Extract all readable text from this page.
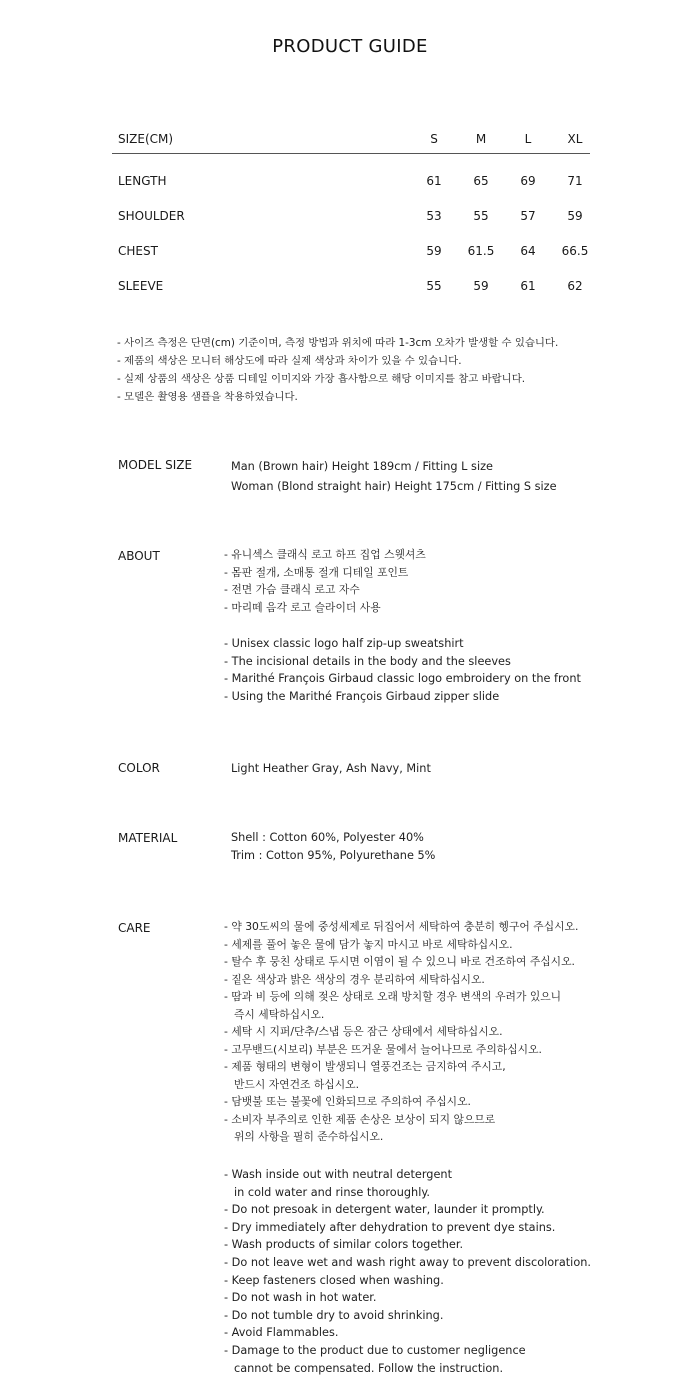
PRODUCT GUIDE
SIZE(CM)	S	M	L	XL
LENGTH	61	65	69	71
SHOULDER	53	55	57	59
CHEST	59	61.5	64	66.5
SLEEVE	55	59	61	62
- 사이즈 측정은 단면(cm) 기준이며, 측정 방법과 위치에 따라 1-3cm 오차가 발생할 수 있습니다.
- 제품의 색상은 모니터 해상도에 따라 실제 색상과 차이가 있을 수 있습니다.
- 실제 상품의 색상은 상품 디테일 이미지와 가장 흡사함으로 해당 이미지를 참고 바랍니다.
- 모델은 촬영용 샘플을 착용하였습니다.
MODEL SIZE	Man (Brown hair) Height 189cm / Fitting L size
Woman (Blond straight hair) Height 175cm / Fitting S size
ABOUT	- 유니섹스 클래식 로고 하프 집업 스웻셔츠
- 몸판 절개, 소매통 절개 디테일 포인트
- 전면 가슴 클래식 로고 자수
- 마리떼 음각 로고 슬라이더 사용
- Unisex classic logo half zip-up sweatshirt
- The incisional details in the body and the sleeves
- Marithé François Girbaud classic logo embroidery on the front
- Using the Marithé François Girbaud zipper slide
COLOR	Light Heather Gray, Ash Navy, Mint
MATERIAL	Shell : Cotton 60%, Polyester 40%
Trim : Cotton 95%, Polyurethane 5%
CARE	- 약 30도씨의 물에 중성세제로 뒤집어서 세탁하여 충분히 헹구어 주십시오.
- 세제를 풀어 놓은 물에 담가 놓지 마시고 바로 세탁하십시오.
- 탈수 후 뭉친 상태로 두시면 이염이 될 수 있으니 바로 건조하여 주십시오.
- 짙은 색상과 밝은 색상의 경우 분리하여 세탁하십시오.
- 땀과 비 등에 의해 젖은 상태로 오래 방치할 경우 변색의 우려가 있으니
즉시 세탁하십시오.
- 세탁 시 지퍼/단추/스냅 등은 잠근 상태에서 세탁하십시오.
- 고무밴드(시보리) 부분은 뜨거운 물에서 늘어나므로 주의하십시오.
- 제품 형태의 변형이 발생되니 열풍건조는 금지하여 주시고,
반드시 자연건조 하십시오.
- 담뱃불 또는 불꽃에 인화되므로 주의하여 주십시오.
- 소비자 부주의로 인한 제품 손상은 보상이 되지 않으므로
위의 사항을 필히 준수하십시오.
- Wash inside out with neutral detergent
in cold water and rinse thoroughly.
- Do not presoak in detergent water, launder it promptly.
- Dry immediately after dehydration to prevent dye stains.
- Wash products of similar colors together.
- Do not leave wet and wash right away to prevent discoloration.
- Keep fasteners closed when washing.
- Do not wash in hot water.
- Do not tumble dry to avoid shrinking.
- Avoid Flammables.
- Damage to the product due to customer negligence
cannot be compensated. Follow the instruction.
